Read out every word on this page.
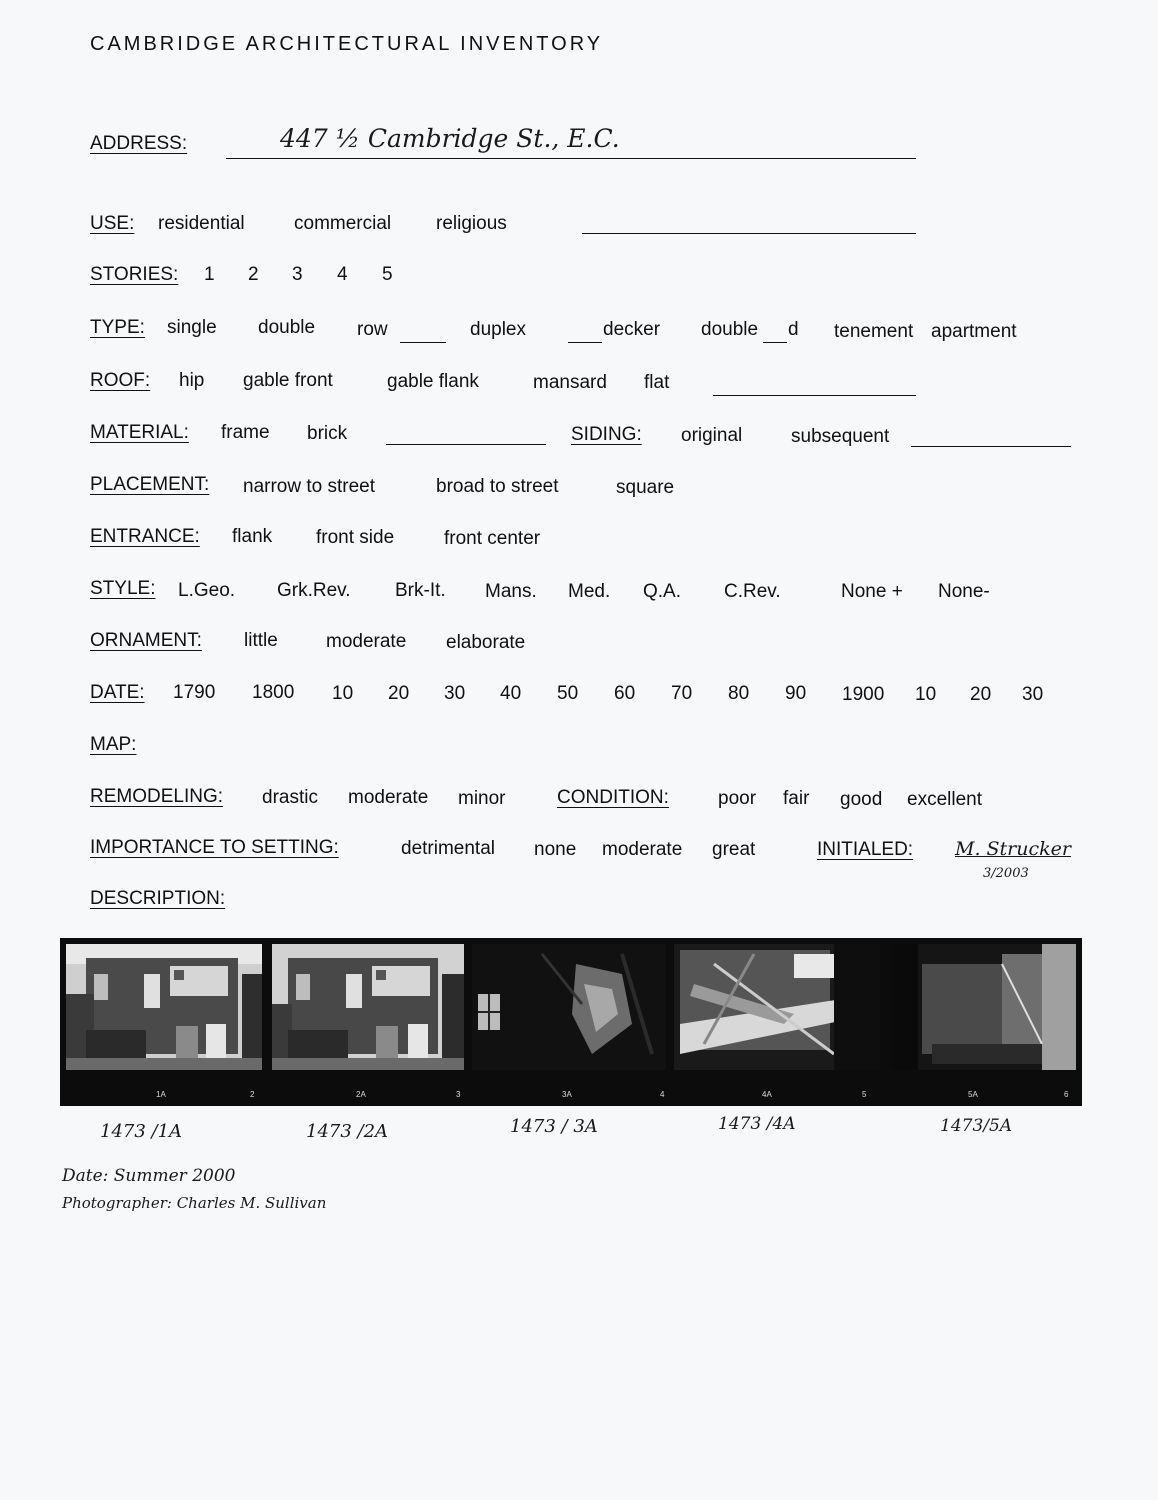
CAMBRIDGE ARCHITECTURAL INVENTORY
ADDRESS:	447 ½ Cambridge St., E.C.
USE: residential	commercial religious
STORIES: 1 2 3 4 5
TYPE: single double row	duplex	decker double d tenement apartment
ROOF: hip gable front	gable flank	mansard flat
MATERIAL: frame brick	SIDING: original	subsequent
PLACEMENT: narrow to street	broad to street	square
ENTRANCE: flank front side	front center
STYLE: L.Geo. Grk.Rev. Brk-It. Mans. Med. Q.A. C.Rev.	None + None-
ORNAMENT: little	moderate elaborate
DATE: 1790 1800 10 20 30 40 50 60 70 80 90 1900 10 20 30
MAP:
REMODELING: drastic moderate minor	CONDITION:	poor fair good excellent
IMPORTANCE TO SETTING:	detrimental none moderate great	INITIALED: M. Strucker
3/2003
DESCRIPTION:
1A	2	2A	3	3A	4	4A	5	5A	6
1473 /1A	1473 /2A	1473 / 3A	1473 /4A	1473/5A
Date: Summer 2000
Photographer: Charles M. Sullivan
